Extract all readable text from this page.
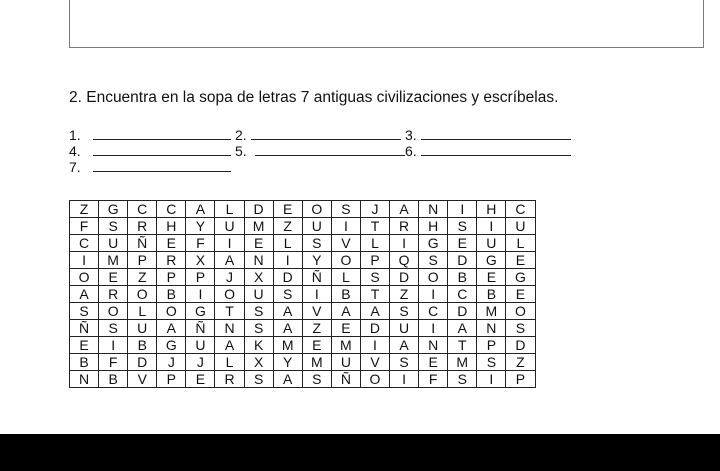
2. Encuentra en la sopa de letras 7 antiguas civilizaciones y escríbelas.
1.	2.	3.
4.	5.	6.
7.
Z	G	C	C	A	L	D	E	O	S	J	A	N	I	H	C
F	S	R	H	Y	U	M	Z	U	I	T	R	H	S	I	U
C	U	Ñ	E	F	I	E	L	S	V	L	I	G	E	U	L
I	M	P	R	X	A	N	I	Y	O	P	Q	S	D	G	E
O	E	Z	P	P	J	X	D	Ñ	L	S	D	O	B	E	G
A	R	O	B	I	O	U	S	I	B	T	Z	I	C	B	E
S	O	L	O	G	T	S	A	V	A	A	S	C	D	M	O
Ñ	S	U	A	Ñ	N	S	A	Z	E	D	U	I	A	N	S
E	I	B	G	U	A	K	M	E	M	I	A	N	T	P	D
B	F	D	J	J	L	X	Y	M	U	V	S	E	M	S	Z
N	B	V	P	E	R	S	A	S	Ñ	O	I	F	S	I	P
